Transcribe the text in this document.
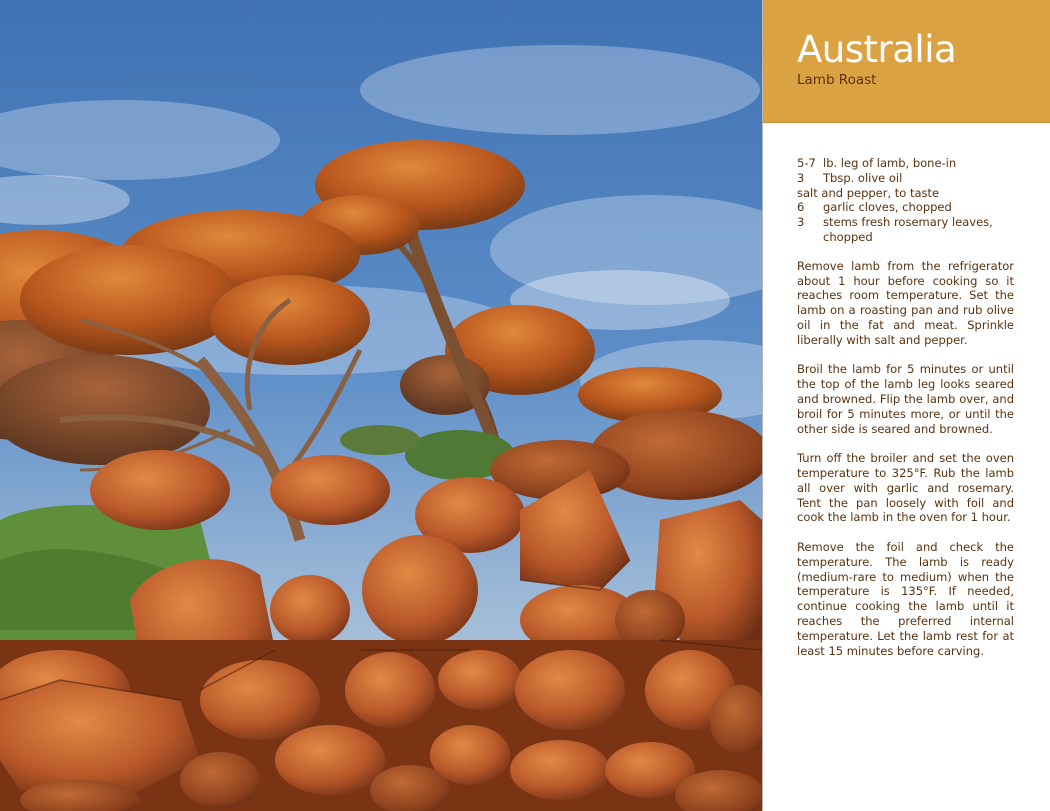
Australia
Lamb Roast
5-7 lb. leg of lamb, bone-in
3	Tbsp. olive oil
salt and pepper, to taste
6	garlic cloves, chopped
3	stems fresh rosemary leaves, chopped

Remove lamb from the refrigerator about 1 hour before cooking so it reaches room temperature. Set the lamb on a roasting pan and rub olive oil in the fat and meat. Sprinkle liberally with salt and pepper.

Broil the lamb for 5 minutes or until the top of the lamb leg looks seared and browned. Flip the lamb over, and broil for 5 minutes more, or until the other side is seared and browned.

Turn off the broiler and set the oven temperature to 325°F. Rub the lamb all over with garlic and rosemary. Tent the pan loosely with foil and cook the lamb in the oven for 1 hour.

Remove the foil and check the temperature. The lamb is ready (medium-rare to medium) when the temperature is 135°F. If needed, continue cooking the lamb until it reaches the preferred internal temperature. Let the lamb rest for at least 15 minutes before carving.
